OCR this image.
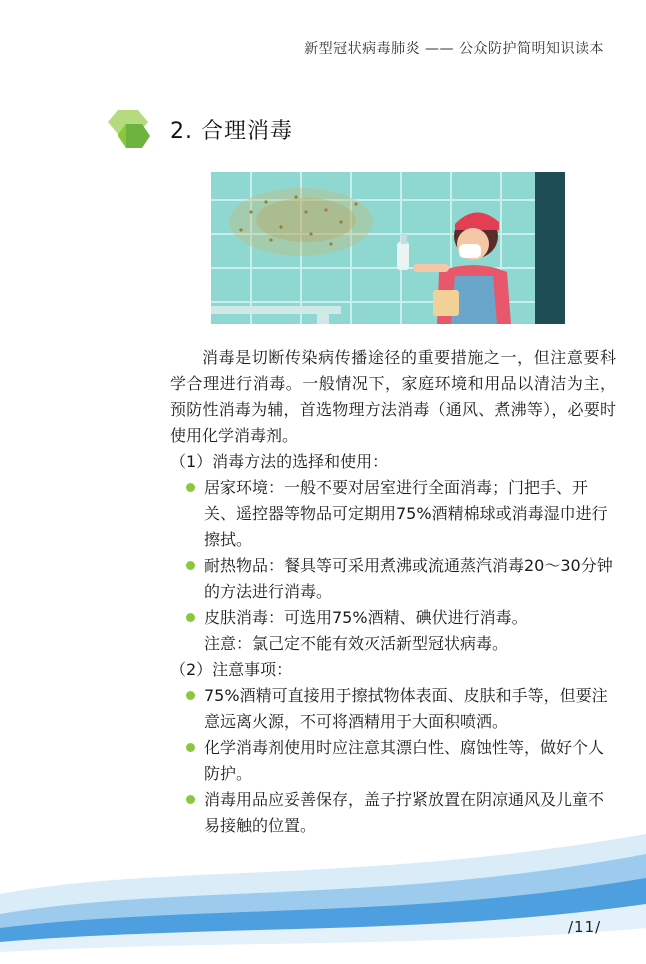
新型冠状病毒肺炎 —— 公众防护简明知识读本
2. 合理消毒

消毒是切断传染病传播途径的重要措施之一，但注意要科学合理进行消毒。一般情况下，家庭环境和用品以清洁为主，预防性消毒为辅，首选物理方法消毒（通风、煮沸等），必要时使用化学消毒剂。

（1）消毒方法的选择和使用：

居家环境：一般不要对居室进行全面消毒；门把手、开关、遥控器等物品可定期用75%酒精棉球或消毒湿巾进行擦拭。
耐热物品：餐具等可采用煮沸或流通蒸汽消毒20～30分钟的方法进行消毒。
皮肤消毒：可选用75%酒精、碘伏进行消毒。

注意：氯己定不能有效灭活新型冠状病毒。

（2）注意事项：

75%酒精可直接用于擦拭物体表面、皮肤和手等，但要注意远离火源，不可将酒精用于大面积喷洒。
化学消毒剂使用时应注意其漂白性、腐蚀性等，做好个人防护。
消毒用品应妥善保存，盖子拧紧放置在阴凉通风及儿童不易接触的位置。
/11/
